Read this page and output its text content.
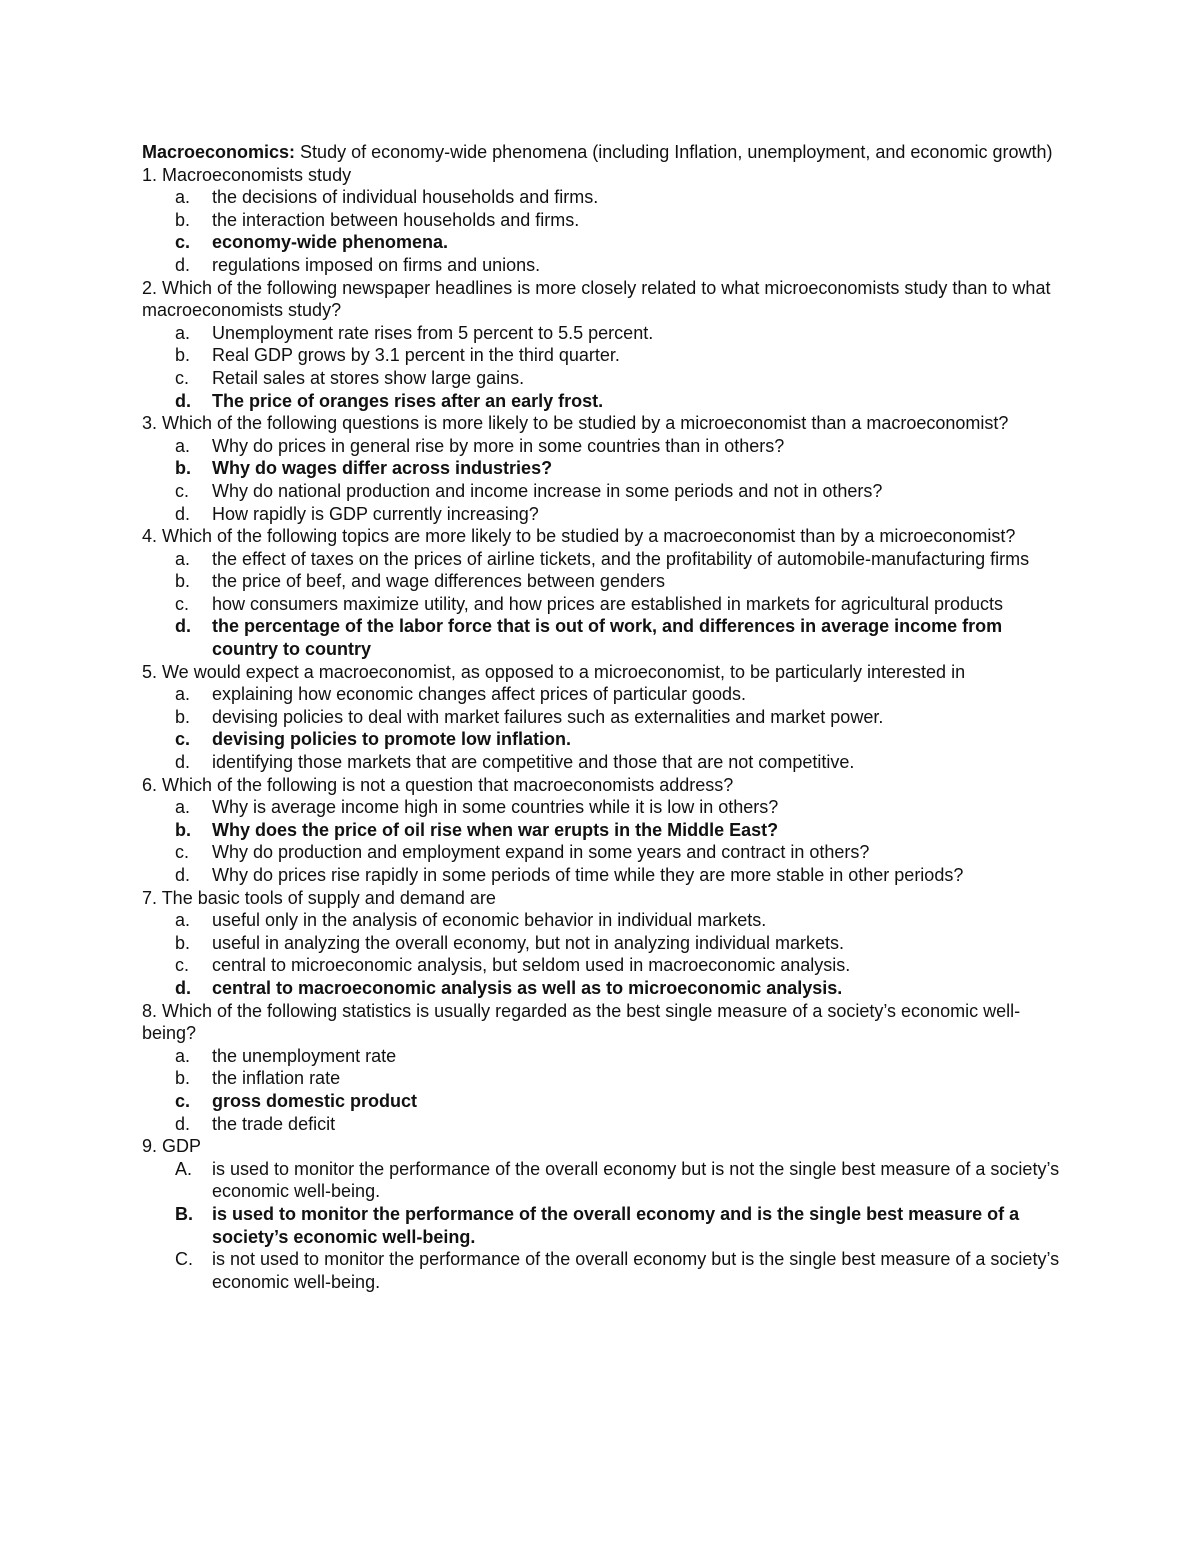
Macroeconomics: Study of economy-wide phenomena (including Inflation, unemployment, and economic growth)

1. Macroeconomists study

a. the decisions of individual households and firms.
b. the interaction between households and firms.
c. economy-wide phenomena.
d. regulations imposed on firms and unions.

2. Which of the following newspaper headlines is more closely related to what microeconomists study than to what macroeconomists study?

a. Unemployment rate rises from 5 percent to 5.5 percent.
b. Real GDP grows by 3.1 percent in the third quarter.
c. Retail sales at stores show large gains.
d. The price of oranges rises after an early frost.

3. Which of the following questions is more likely to be studied by a microeconomist than a macroeconomist?

a. Why do prices in general rise by more in some countries than in others?
b. Why do wages differ across industries?
c. Why do national production and income increase in some periods and not in others?
d. How rapidly is GDP currently increasing?

4. Which of the following topics are more likely to be studied by a macroeconomist than by a microeconomist?

a. the effect of taxes on the prices of airline tickets, and the profitability of automobile-manufacturing firms
b. the price of beef, and wage differences between genders
c. how consumers maximize utility, and how prices are established in markets for agricultural products
d. the percentage of the labor force that is out of work, and differences in average income from country to country

5. We would expect a macroeconomist, as opposed to a microeconomist, to be particularly interested in

a. explaining how economic changes affect prices of particular goods.
b. devising policies to deal with market failures such as externalities and market power.
c. devising policies to promote low inflation.
d. identifying those markets that are competitive and those that are not competitive.

6. Which of the following is not a question that macroeconomists address?

a. Why is average income high in some countries while it is low in others?
b. Why does the price of oil rise when war erupts in the Middle East?
c. Why do production and employment expand in some years and contract in others?
d. Why do prices rise rapidly in some periods of time while they are more stable in other periods?

7. The basic tools of supply and demand are

a. useful only in the analysis of economic behavior in individual markets.
b. useful in analyzing the overall economy, but not in analyzing individual markets.
c. central to microeconomic analysis, but seldom used in macroeconomic analysis.
d. central to macroeconomic analysis as well as to microeconomic analysis.

8. Which of the following statistics is usually regarded as the best single measure of a society’s economic well-being?

a. the unemployment rate
b. the inflation rate
c. gross domestic product
d. the trade deficit

9. GDP

A. is used to monitor the performance of the overall economy but is not the single best measure of a society’s economic well-being.
B. is used to monitor the performance of the overall economy and is the single best measure of a society’s economic well-being.
C. is not used to monitor the performance of the overall economy but is the single best measure of a society’s economic well-being.
